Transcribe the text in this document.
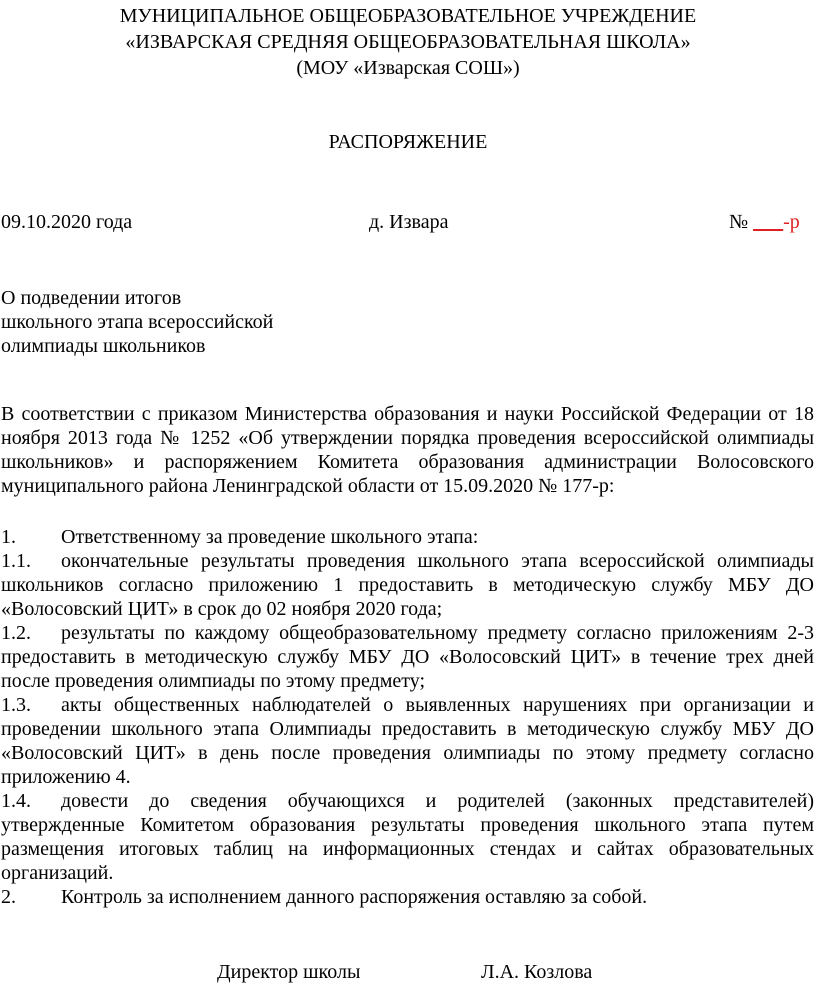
МУНИЦИПАЛЬНОЕ ОБЩЕОБРАЗОВАТЕЛЬНОЕ УЧРЕЖДЕНИЕ
«ИЗВАРСКАЯ СРЕДНЯЯ ОБЩЕОБРАЗОВАТЕЛЬНАЯ ШКОЛА»
(МОУ «Изварская СОШ»)
РАСПОРЯЖЕНИЕ
09.10.2020 года	д. Извара	№ ___-р
О подведении итогов
школьного этапа всероссийской
олимпиады школьников
В соответствии с приказом Министерства образования и науки Российской Федерации от 18 ноября 2013 года № 1252 «Об утверждении порядка проведения всероссийской олимпиады школьников» и распоряжением Комитета образования администрации Волосовского муниципального района Ленинградской области от 15.09.2020 № 177-р:
1. Ответственному за проведение школьного этапа:
1.1. окончательные результаты проведения школьного этапа всероссийской олимпиады школьников согласно приложению 1 предоставить в методическую службу МБУ ДО «Волосовский ЦИТ» в срок до 02 ноября 2020 года;
1.2. результаты по каждому общеобразовательному предмету согласно приложениям 2-3 предоставить в методическую службу МБУ ДО «Волосовский ЦИТ» в течение трех дней после проведения олимпиады по этому предмету;
1.3. акты общественных наблюдателей о выявленных нарушениях при организации и проведении школьного этапа Олимпиады предоставить в методическую службу МБУ ДО «Волосовский ЦИТ» в день после проведения олимпиады по этому предмету согласно приложению 4.
1.4. довести до сведения обучающихся и родителей (законных представителей) утвержденные Комитетом образования результаты проведения школьного этапа путем размещения итоговых таблиц на информационных стендах и сайтах образовательных организаций.
2. Контроль за исполнением данного распоряжения оставляю за собой.
Директор школы	Л.А. Козлова
